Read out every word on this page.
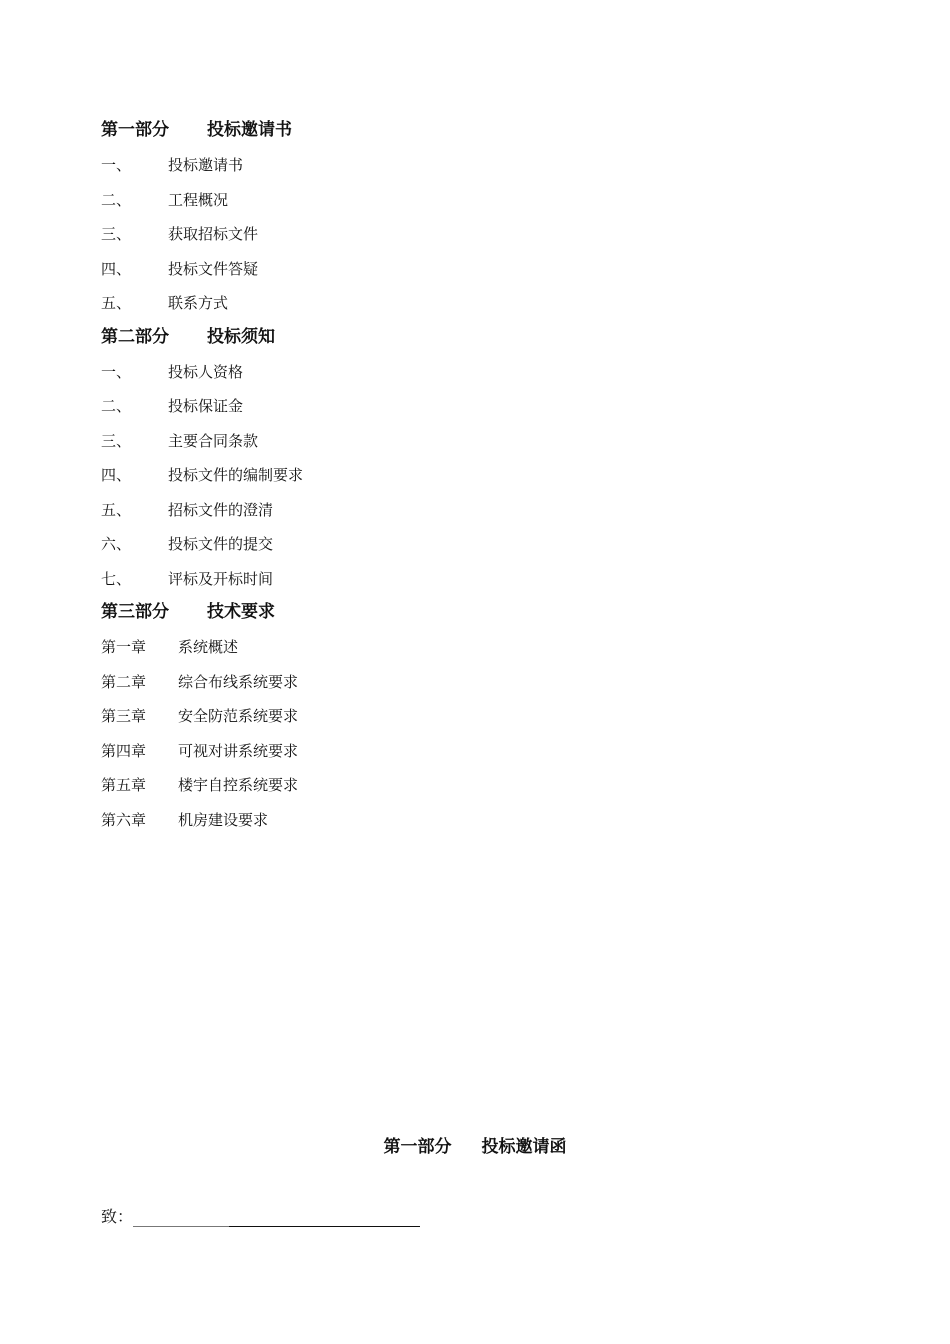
第一部分 投标邀请书
一、 投标邀请书
二、 工程概况
三、 获取招标文件
四、 投标文件答疑
五、 联系方式
第二部分 投标须知
一、 投标人资格
二、 投标保证金
三、 主要合同条款
四、 投标文件的编制要求
五、 招标文件的澄清
六、 投标文件的提交
七、 评标及开标时间
第三部分 技术要求
第一章 系统概述
第二章 综合布线系统要求
第三章 安全防范系统要求
第四章 可视对讲系统要求
第五章 楼宇自控系统要求
第六章 机房建设要求
第一部分 投标邀请函
致：
